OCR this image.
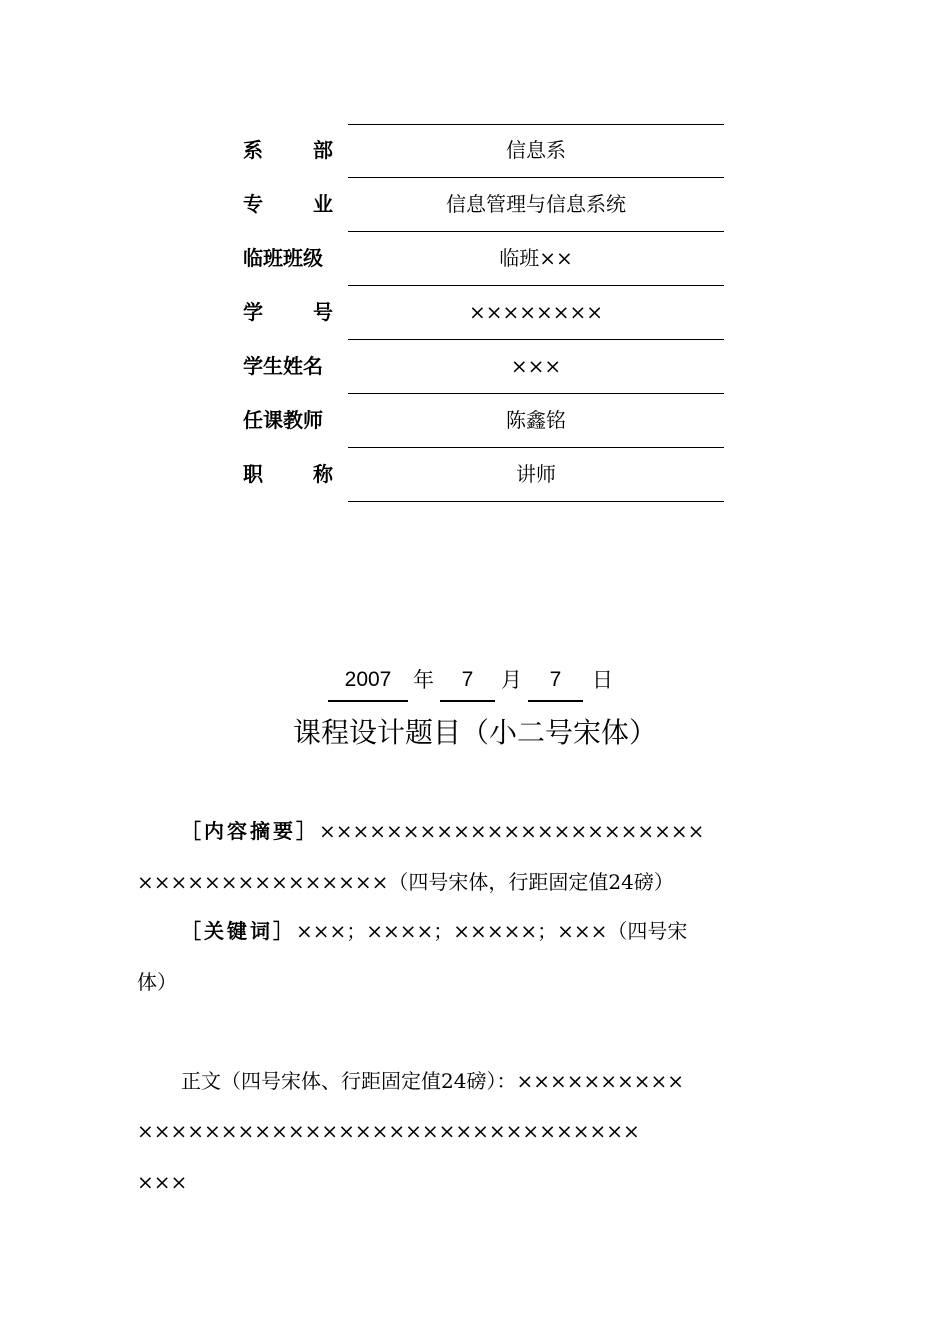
系	部	信息系
专	业	信息管理与信息系统
临班班级	临班××
学	号	××××××××
学生姓名	×××
任课教师	陈鑫铭
职	称	讲师
2007	年	7	月	7	日
课程设计题目（小二号宋体）
［内容摘要］×××××××××××××××××××××××
×××××××××××××××（四号宋体，行距固定值24磅）
［关键词］×××；××××；×××××；×××（四号宋
体）
正文（四号宋体、行距固定值24磅）：××××××××××
××××××××××××××××××××××××××××××
×××
